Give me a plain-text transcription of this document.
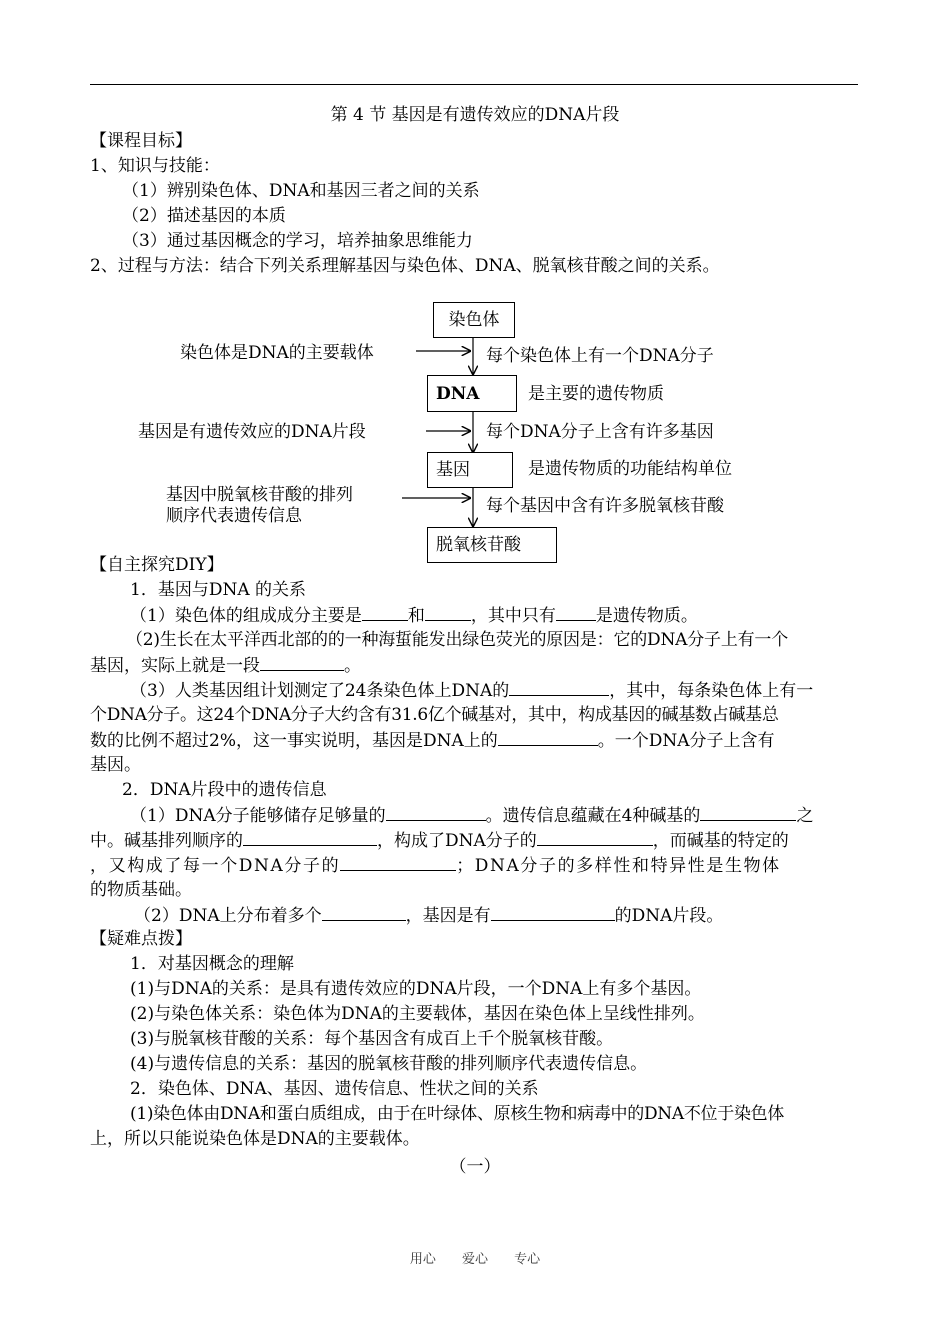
第 4 节 基因是有遗传效应的DNA片段
【课程目标】
1、知识与技能：
（1）辨别染色体、DNA和基因三者之间的关系
（2）描述基因的本质
（3）通过基因概念的学习，培养抽象思维能力
2、过程与方法：结合下列关系理解基因与染色体、DNA、脱氧核苷酸之间的关系。
染色体
DNA
基因
脱氧核苷酸
染色体是DNA的主要载体
基因是有遗传效应的DNA片段
基因中脱氧核苷酸的排列
顺序代表遗传信息
每个染色体上有一个DNA分子
是主要的遗传物质
每个DNA分子上含有许多基因
是遗传物质的功能结构单位
每个基因中含有许多脱氧核苷酸
【自主探究DIY】
1．基因与DNA 的关系
（1）染色体的组成成分主要是	和	，其中只有 是遗传物质。
（2)生长在太平洋西北部的的一种海蜇能发出绿色荧光的原因是：它的DNA分子上有一个
基因，实际上就是一段	。
（3）人类基因组计划测定了24条染色体上DNA的	，其中，每条染色体上有一
个DNA分子。这24个DNA分子大约含有31.6亿个碱基对，其中，构成基因的碱基数占碱基总
数的比例不超过2%，这一事实说明，基因是DNA上的	。一个DNA分子上含有
基因。
2．DNA片段中的遗传信息
（1）DNA分子能够储存足够量的	。遗传信息蕴藏在4种碱基的	之
中。碱基排列顺序的	，构成了DNA分子的	，而碱基的特定的
，又构成了每一个DNA分子的	；DNA分子的多样性和特异性是生物体
的物质基础。
（2）DNA上分布着多个	，基因是有	的DNA片段。
【疑难点拨】
1．对基因概念的理解
(1)与DNA的关系：是具有遗传效应的DNA片段，一个DNA上有多个基因。
(2)与染色体关系：染色体为DNA的主要载体，基因在染色体上呈线性排列。
(3)与脱氧核苷酸的关系：每个基因含有成百上千个脱氧核苷酸。
(4)与遗传信息的关系：基因的脱氧核苷酸的排列顺序代表遗传信息。
2．染色体、DNA、基因、遗传信息、性状之间的关系
(1)染色体由DNA和蛋白质组成，由于在叶绿体、原核生物和病毒中的DNA不位于染色体
上，所以只能说染色体是DNA的主要载体。
（一）
用心 爱心 专心
